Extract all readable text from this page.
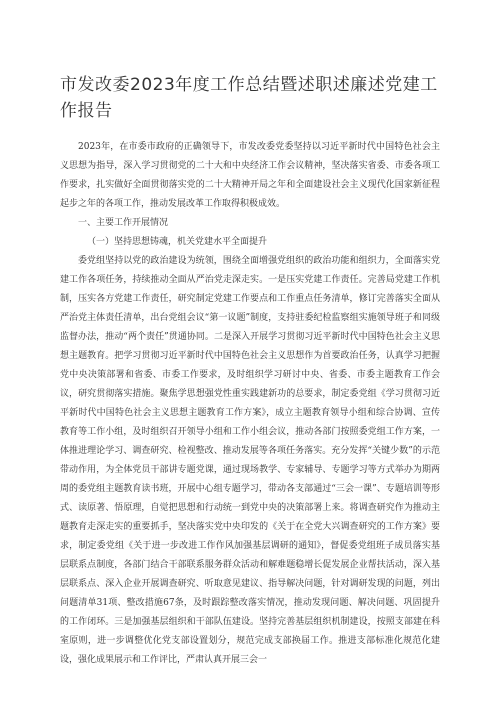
市发改委2023年度工作总结暨述职述廉述党建工作报告

2023年，在市委市政府的正确领导下，市发改委党委坚持以习近平新时代中国特色社会主义思想为指导，深入学习贯彻党的二十大和中央经济工作会议精神，坚决落实省委、市委各项工作要求，扎实做好全面贯彻落实党的二十大精神开局之年和全面建设社会主义现代化国家新征程起步之年的各项工作，推动发展改革工作取得积极成效。

一、主要工作开展情况

（一）坚持思想铸魂，机关党建水平全面提升

委党组坚持以党的政治建设为统领，围绕全面增强党组织的政治功能和组织力，全面落实党建工作各项任务，持续推动全面从严治党走深走实。一是压实党建工作责任。完善局党建工作机制，压实各方党建工作责任，研究制定党建工作要点和工作重点任务清单，修订完善落实全面从严治党主体责任清单，出台党组会议“第一议题”制度，支持驻委纪检监察组实施领导班子和同级监督办法，推动“两个责任”贯通协同。二是深入开展学习贯彻习近平新时代中国特色社会主义思想主题教育。把学习贯彻习近平新时代中国特色社会主义思想作为首要政治任务，认真学习把握党中央决策部署和省委、市委工作要求，及时组织学习研讨中央、省委、市委主题教育工作会议，研究贯彻落实措施。聚焦学思想强党性重实践建新功的总要求，制定委党组《学习贯彻习近平新时代中国特色社会主义思想主题教育工作方案》，成立主题教育领导小组和综合协调、宣传教育等工作小组，及时组织召开领导小组和工作小组会议，推动各部门按照委党组工作方案，一体推进理论学习、调查研究、检视整改、推动发展等各项任务落实。充分发挥“关键少数”的示范带动作用，为全体党员干部讲专题党课，通过现场教学、专家辅导、专题学习等方式举办为期两周的委党组主题教育读书班，开展中心组专题学习，带动各支部通过“三会一课”、专题培训等形式、读原著、悟原理，自觉把思想和行动统一到党中央的决策部署上来。将调查研究作为推动主题教育走深走实的重要抓手，坚决落实党中央印发的《关于在全党大兴调查研究的工作方案》要求，制定委党组《关于进一步改进工作作风加强基层调研的通知》，督促委党组班子成员落实基层联系点制度，各部门结合干部联系服务群众活动和解难题稳增长促发展企业帮扶活动，深入基层联系点、深入企业开展调查研究、听取意见建议、指导解决问题，针对调研发现的问题，列出问题清单31项、整改措施67条，及时跟踪整改落实情况，推动发现问题、解决问题、巩固提升的工作闭环。三是加强基层组织和干部队伍建设。坚持完善基层组织机制建设，按照支部建在科室原则，进一步调整优化党支部设置划分，规范完成支部换届工作。推进支部标准化规范化建设，强化成果展示和工作评比，严肃认真开展三会一
